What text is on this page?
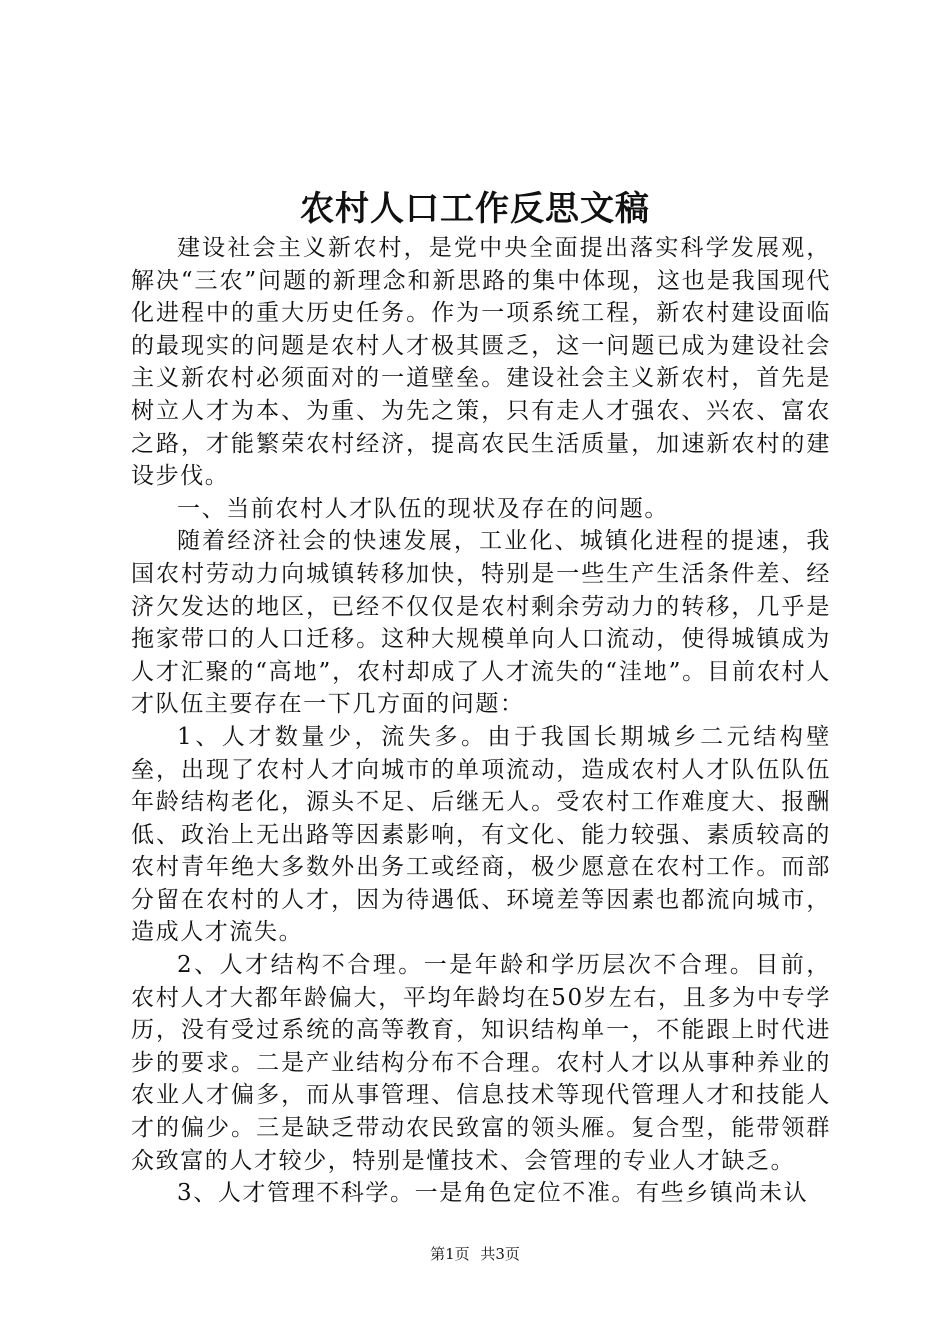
农村人口工作反思文稿

建设社会主义新农村，是党中央全面提出落实科学发展观，解决“三农”问题的新理念和新思路的集中体现，这也是我国现代化进程中的重大历史任务。作为一项系统工程，新农村建设面临的最现实的问题是农村人才极其匮乏，这一问题已成为建设社会主义新农村必须面对的一道壁垒。建设社会主义新农村，首先是树立人才为本、为重、为先之策，只有走人才强农、兴农、富农之路，才能繁荣农村经济，提高农民生活质量，加速新农村的建设步伐。

一、当前农村人才队伍的现状及存在的问题。

随着经济社会的快速发展，工业化、城镇化进程的提速，我国农村劳动力向城镇转移加快，特别是一些生产生活条件差、经济欠发达的地区，已经不仅仅是农村剩余劳动力的转移，几乎是拖家带口的人口迁移。这种大规模单向人口流动，使得城镇成为人才汇聚的“高地”，农村却成了人才流失的“洼地”。目前农村人才队伍主要存在一下几方面的问题：

1、人才数量少，流失多。由于我国长期城乡二元结构壁垒，出现了农村人才向城市的单项流动，造成农村人才队伍队伍年龄结构老化，源头不足、后继无人。受农村工作难度大、报酬低、政治上无出路等因素影响，有文化、能力较强、素质较高的农村青年绝大多数外出务工或经商，极少愿意在农村工作。而部分留在农村的人才，因为待遇低、环境差等因素也都流向城市，造成人才流失。

2、人才结构不合理。一是年龄和学历层次不合理。目前，农村人才大都年龄偏大，平均年龄均在50岁左右，且多为中专学历，没有受过系统的高等教育，知识结构单一，不能跟上时代进步的要求。二是产业结构分布不合理。农村人才以从事种养业的农业人才偏多，而从事管理、信息技术等现代管理人才和技能人才的偏少。三是缺乏带动农民致富的领头雁。复合型，能带领群众致富的人才较少，特别是懂技术、会管理的专业人才缺乏。

3、人才管理不科学。一是角色定位不准。有些乡镇尚未认

第1页 共3页
